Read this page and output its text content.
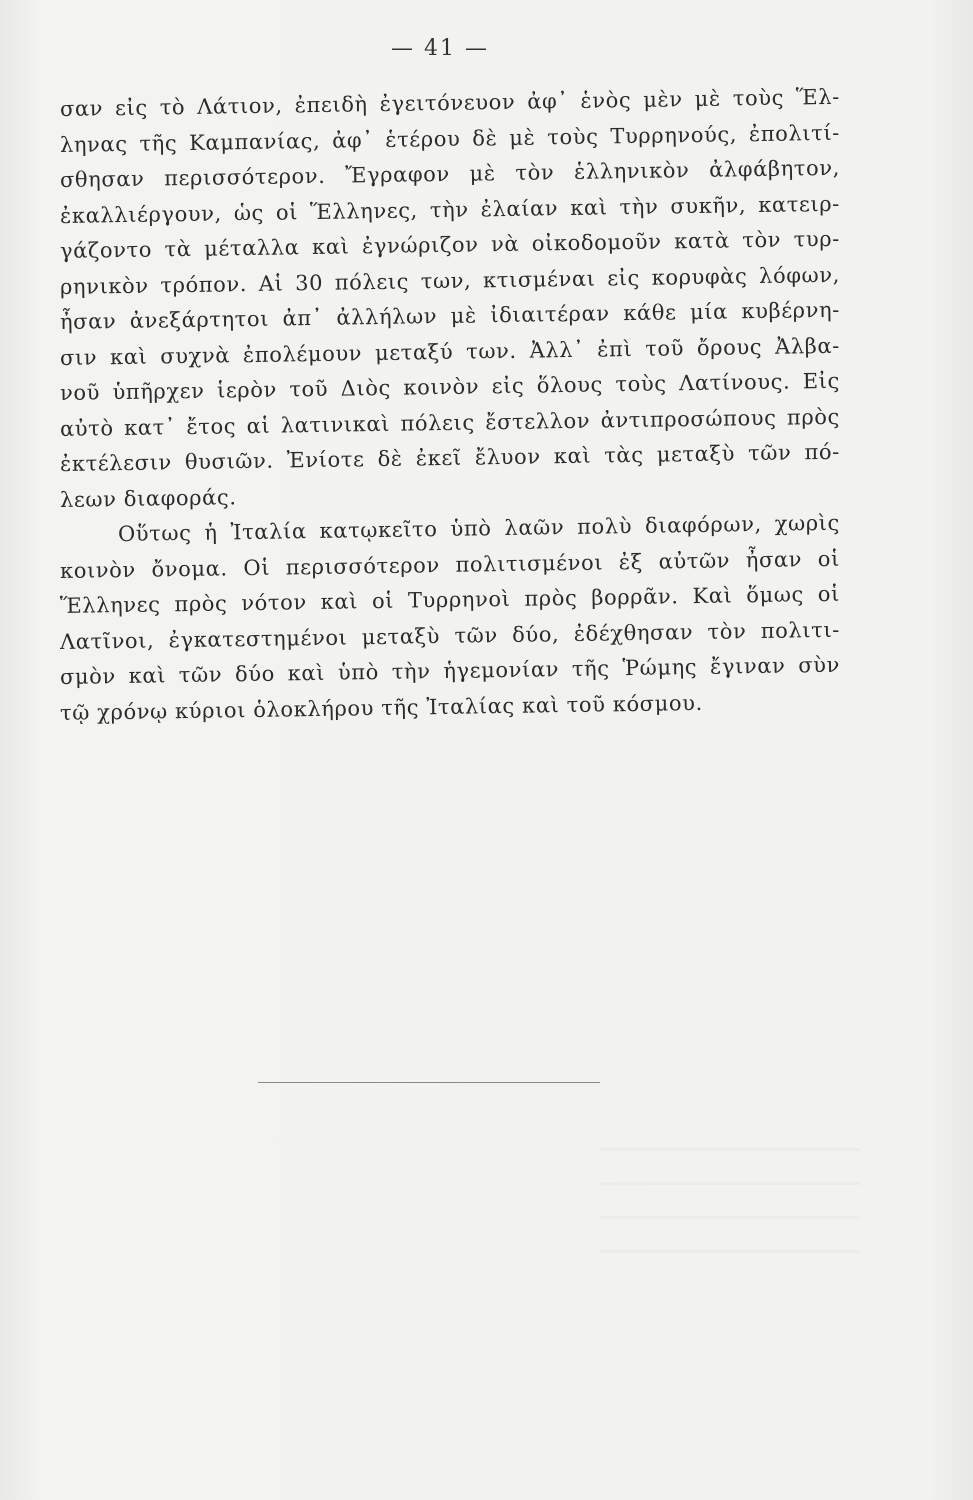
— 41 —
σαν εἰς τὸ Λάτιον, ἐπειδὴ ἐγειτόνευον ἀφ᾽ ἑνὸς μὲν μὲ τοὺς Ἕλ-
ληνας τῆς Καμπανίας, ἀφ᾽ ἑτέρου δὲ μὲ τοὺς Τυρρηνούς, ἐπολιτί-
σθησαν περισσότερον. Ἔγραφον μὲ τὸν ἑλληνικὸν ἀλφάβητον,
ἐκαλλιέργουν, ὡς οἱ Ἕλληνες, τὴν ἐλαίαν καὶ τὴν συκῆν, κατειρ-
γάζοντο τὰ μέταλλα καὶ ἐγνώριζον νὰ οἰκοδομοῦν κατὰ τὸν τυρ-
ρηνικὸν τρόπον. Αἱ 30 πόλεις των, κτισμέναι εἰς κορυφὰς λόφων,
ἦσαν ἀνεξάρτητοι ἀπ᾽ ἀλλήλων μὲ ἰδιαιτέραν κάθε μία κυβέρνη-
σιν καὶ συχνὰ ἐπολέμουν μεταξύ των. Ἀλλ᾽ ἐπὶ τοῦ ὄρους Ἀλβα-
νοῦ ὑπῆρχεν ἱερὸν τοῦ Διὸς κοινὸν εἰς ὅλους τοὺς Λατίνους. Εἰς
αὐτὸ κατ᾽ ἔτος αἱ λατινικαὶ πόλεις ἔστελλον ἀντιπροσώπους πρὸς
ἐκτέλεσιν θυσιῶν. Ἐνίοτε δὲ ἐκεῖ ἔλυον καὶ τὰς μεταξὺ τῶν πό-
λεων διαφοράς.
Οὕτως ἡ Ἰταλία κατῳκεῖτο ὑπὸ λαῶν πολὺ διαφόρων, χωρὶς
κοινὸν ὄνομα. Οἱ περισσότερον πολιτισμένοι ἐξ αὐτῶν ἦσαν οἱ
Ἕλληνες πρὸς νότον καὶ οἱ Τυρρηνοὶ πρὸς βορρᾶν. Καὶ ὅμως οἱ
Λατῖνοι, ἐγκατεστημένοι μεταξὺ τῶν δύο, ἐδέχθησαν τὸν πολιτι-
σμὸν καὶ τῶν δύο καὶ ὑπὸ τὴν ἡγεμονίαν τῆς Ῥώμης ἔγιναν σὺν
τῷ χρόνῳ κύριοι ὁλοκλήρου τῆς Ἰταλίας καὶ τοῦ κόσμου.
